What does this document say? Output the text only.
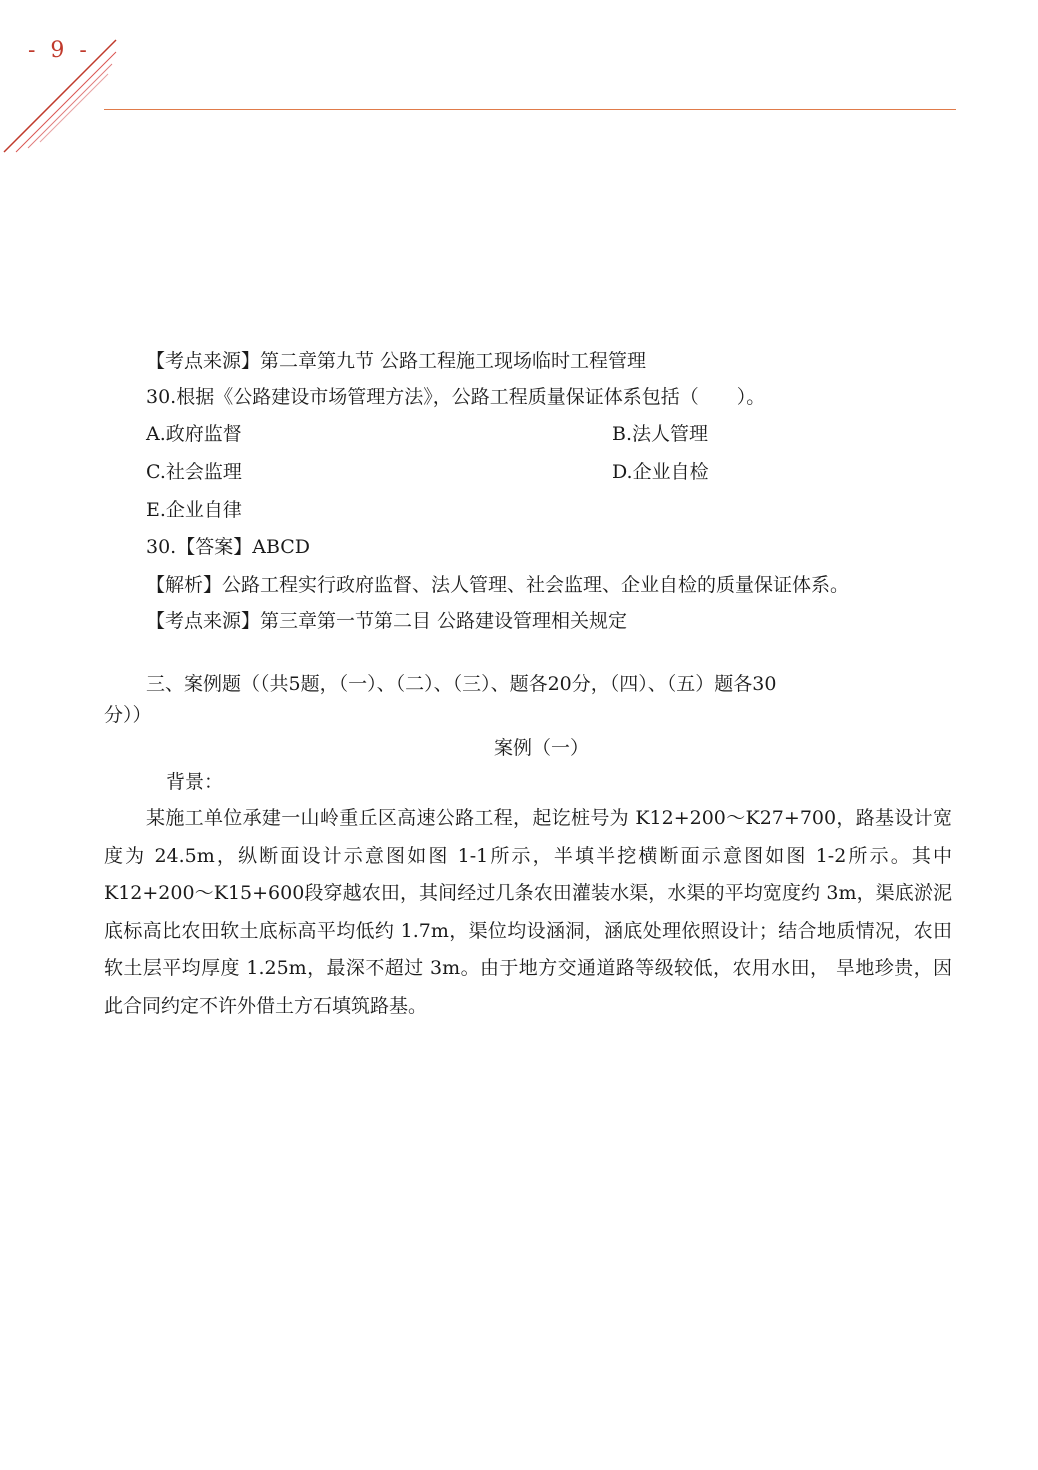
- 9 -
【考点来源】第二章第九节 公路工程施工现场临时工程管理
30.根据《公路建设市场管理方法》，公路工程质量保证体系包括（　　）。
A.政府监督	B.法人管理
C.社会监理	D.企业自检
E.企业自律
30.【答案】ABCD
【解析】公路工程实行政府监督、法人管理、社会监理、企业自检的质量保证体系。
【考点来源】第三章第一节第二目 公路建设管理相关规定
三、案例题（（共5题，（一）、（二）、（三）、题各20分，（四）、（五）题各30
分））
案例（一）
背景：
某施工单位承建一山岭重丘区高速公路工程，起讫桩号为 K12+200～K27+700，路基设计宽度为 24.5m，纵断面设计示意图如图 1-1所示，半填半挖横断面示意图如图 1-2所示。其中 K12+200～K15+600段穿越农田，其间经过几条农田灌装水渠，水渠的平均宽度约 3m，渠底淤泥底标高比农田软土底标高平均低约 1.7m，渠位均设涵洞，涵底处理依照设计；结合地质情况，农田软土层平均厚度 1.25m，最深不超过 3m。由于地方交通道路等级较低，农用水田， 旱地珍贵，因此合同约定不许外借土方石填筑路基。
